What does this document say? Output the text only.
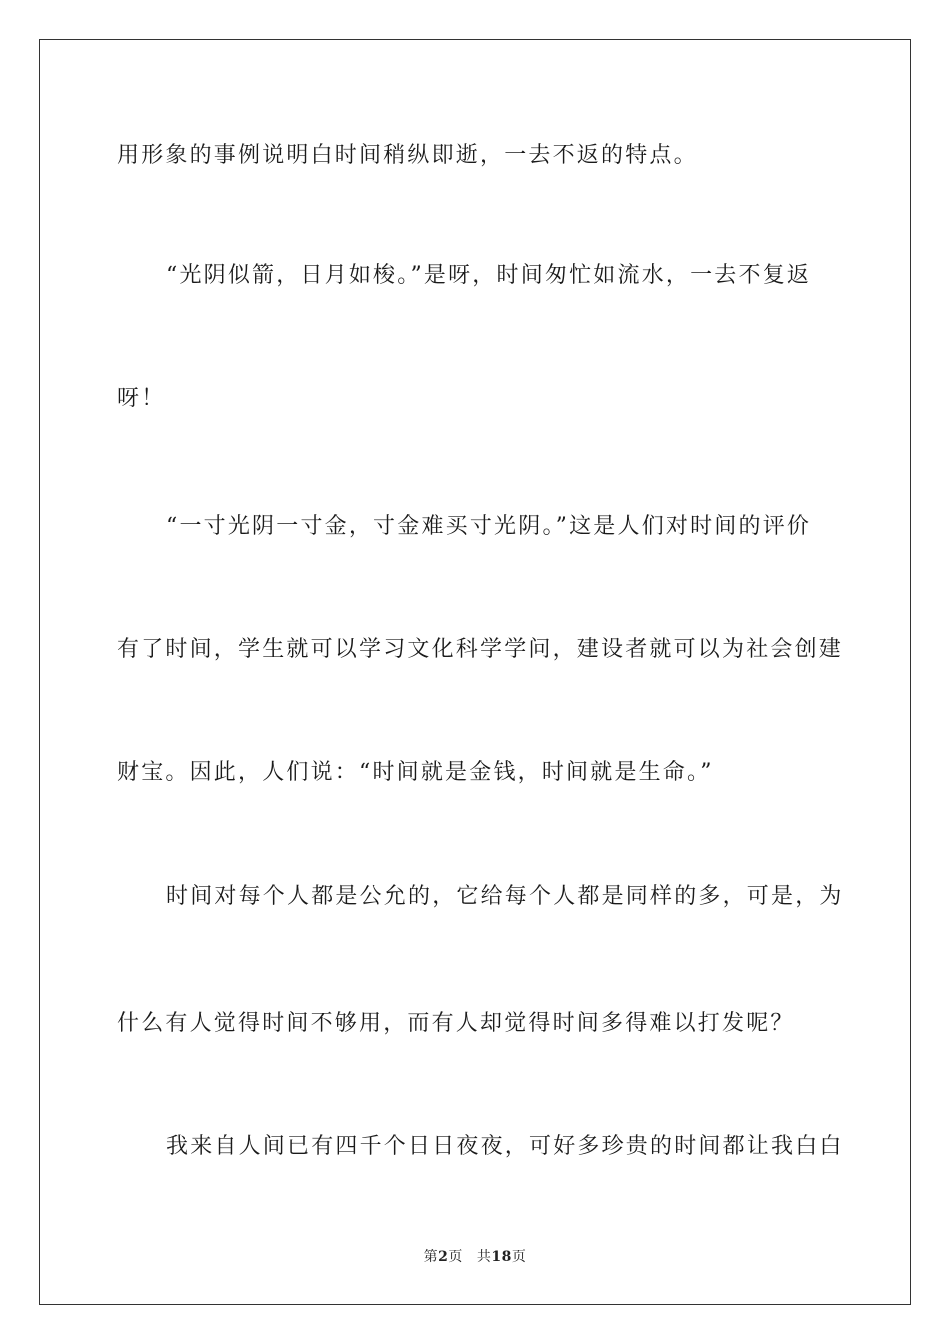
用形象的事例说明白时间稍纵即逝，一去不返的特点。
“光阴似箭，日月如梭。”是呀，时间匆忙如流水，一去不复返
呀！
“一寸光阴一寸金，寸金难买寸光阴。”这是人们对时间的评价
有了时间，学生就可以学习文化科学学问，建设者就可以为社会创建
财宝。因此，人们说：“时间就是金钱，时间就是生命。”
时间对每个人都是公允的，它给每个人都是同样的多，可是，为
什么有人觉得时间不够用，而有人却觉得时间多得难以打发呢？
我来自人间已有四千个日日夜夜，可好多珍贵的时间都让我白白
第2页 共18页
